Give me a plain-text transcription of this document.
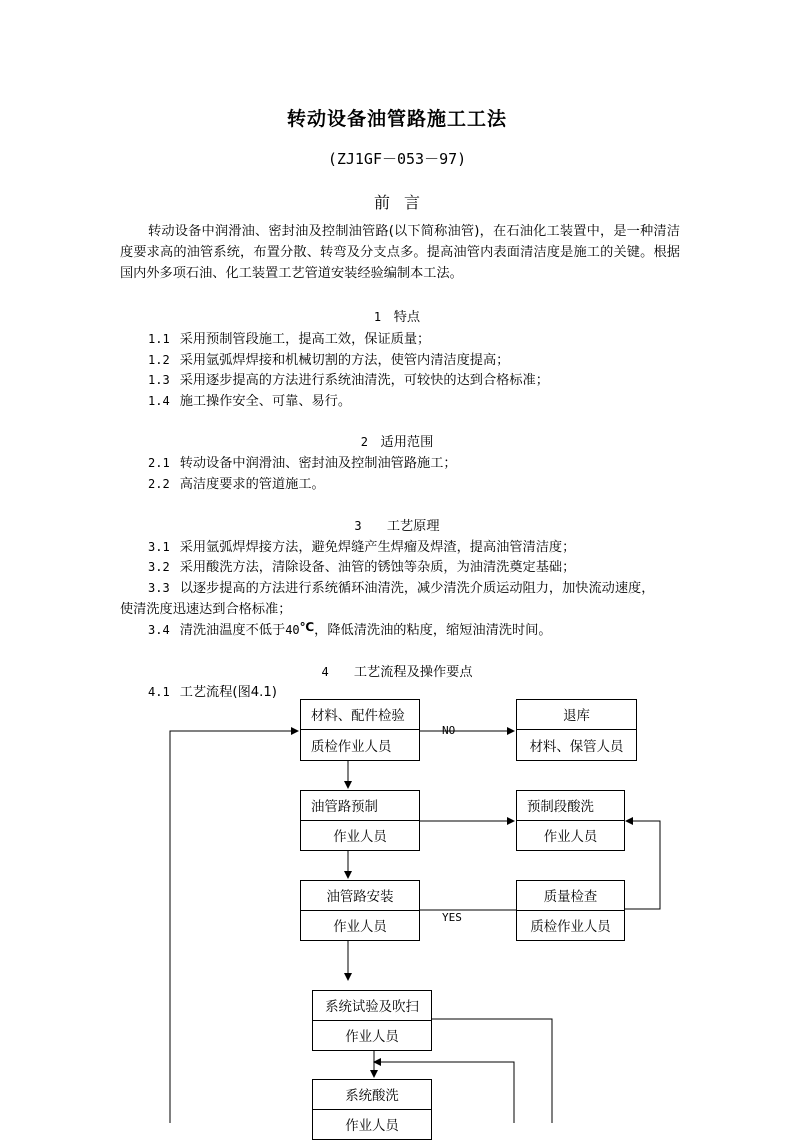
转动设备油管路施工工法
(ZJ1GF－053－97)
前言
转动设备中润滑油、密封油及控制油管路(以下简称油管)，在石油化工装置中，是一种清洁度要求高的油管系统，布置分散、转弯及分支点多。提高油管内表面清洁度是施工的关键。根据国内外多项石油、化工装置工艺管道安装经验编制本工法。
1 特点
1.1 采用预制管段施工，提高工效，保证质量；
1.2 采用氩弧焊焊接和机械切割的方法，使管内清洁度提高；
1.3 采用逐步提高的方法进行系统油清洗，可较快的达到合格标准；
1.4 施工操作安全、可靠、易行。
2 适用范围
2.1 转动设备中润滑油、密封油及控制油管路施工；
2.2 高洁度要求的管道施工。
3 工艺原理
3.1 采用氩弧焊焊接方法，避免焊缝产生焊瘤及焊渣，提高油管清洁度；
3.2 采用酸洗方法，清除设备、油管的锈蚀等杂质，为油清洗奠定基础；
3.3 以逐步提高的方法进行系统循环油清洗，减少清洗介质运动阻力，加快流动速度，
使清洗度迅速达到合格标准；
3.4 清洗油温度不低于40℃，降低清洗油的粘度，缩短油清洗时间。
4 工艺流程及操作要点
4.1 工艺流程(图4.1)
NO
YES
材料、配件检验
质检作业人员
退库
材料、保管人员
油管路预制
作业人员
预制段酸洗
作业人员
油管路安装
作业人员
质量检查
质检作业人员
系统试验及吹扫
作业人员
系统酸洗
作业人员
